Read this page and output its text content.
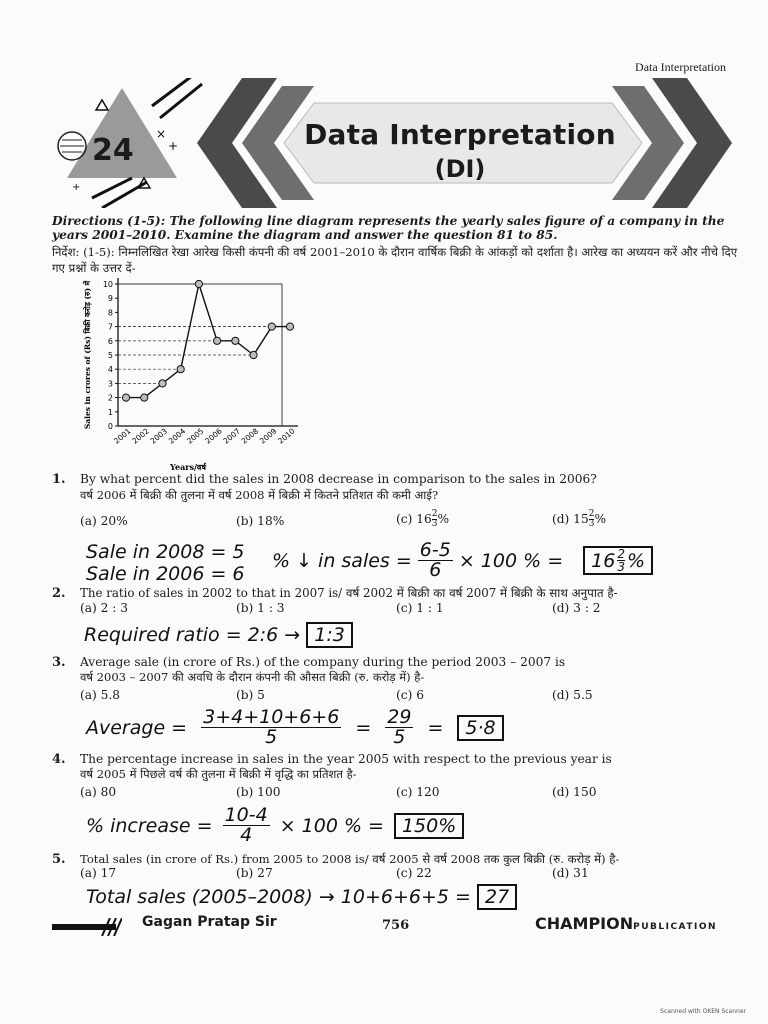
Data Interpretation
×
+
+
24	Data Interpretation
(DI)
Directions (1-5): The following line diagram represents the yearly sales figure of a company in the years 2001–2010. Examine the diagram and answer the question 81 to 85.
निर्देश: (1-5): निम्नलिखित रेखा आरेख किसी कंपनी की वर्ष 2001–2010 के दौरान वार्षिक बिक्री के आंकड़ों को दर्शाता है। आरेख का अध्ययन करें और नीचे दिए गए प्रश्नों के उत्तर दें-
0
1
2
3
4
5
6
7
8
9
10
2001
2002
2003
2004
2005
2006
2007
2008
2009
2010
Sales in crores of (Rs) बिक्री करोड़ (रु) में
Years/वर्ष
1. By what percent did the sales in 2008 decrease in comparison to the sales in 2006?
वर्ष 2006 में बिक्री की तुलना में वर्ष 2008 में बिक्री में कितने प्रतिशत की कमी आई?
(a) 20%	(b) 18%	(c) $16 \frac{2}{3}\%$	(d) $15 \frac{2}{3}\%$
Sale in 2008 = 5
Sale in 2006 = 6
% ↓ in sales = $\frac{6-5}{6} \times 100$ % = 16 2
3 %
2. The ratio of sales in 2002 to that in 2007 is/ वर्ष 2002 में बिक्री का वर्ष 2007 में बिक्री के साथ अनुपात है-
(a) 2 : 3	(b) 1 : 3	(c) 1 : 1	(d) 3 : 2
Required ratio = 2:6 → 1:3
3. Average sale (in crore of Rs.) of the company during the period 2003 – 2007 is
वर्ष 2003 – 2007 की अवधि के दौरान कंपनी की औसत बिक्री (रु. करोड़ में) है-
(a) 5.8	(b) 5	(c) 6	(d) 5.5
Average = $\frac{3+4+10+6+6}{5} = \frac{29}{5}$ =	5·8
4. The percentage increase in sales in the year 2005 with respect to the previous year is
वर्ष 2005 में पिछले वर्ष की तुलना में बिक्री में वृद्धि का प्रतिशत है-
(a) 80	(b) 100	(c) 120	(d) 150
% increase = $\frac{10-4}{4} \times 100$ % = 150%
5. Total sales (in crore of Rs.) from 2005 to 2008 is/ वर्ष 2005 से वर्ष 2008 तक कुल बिक्री (रु. करोड़ में) है-
(a) 17	(b) 27	(c) 22	(d) 31
Total sales (2005–2008) → 10+6+6+5 = 27
Gagan Pratap Sir	756	CHAMPIONPUBLICATION
Scanned with OKEN Scanner
